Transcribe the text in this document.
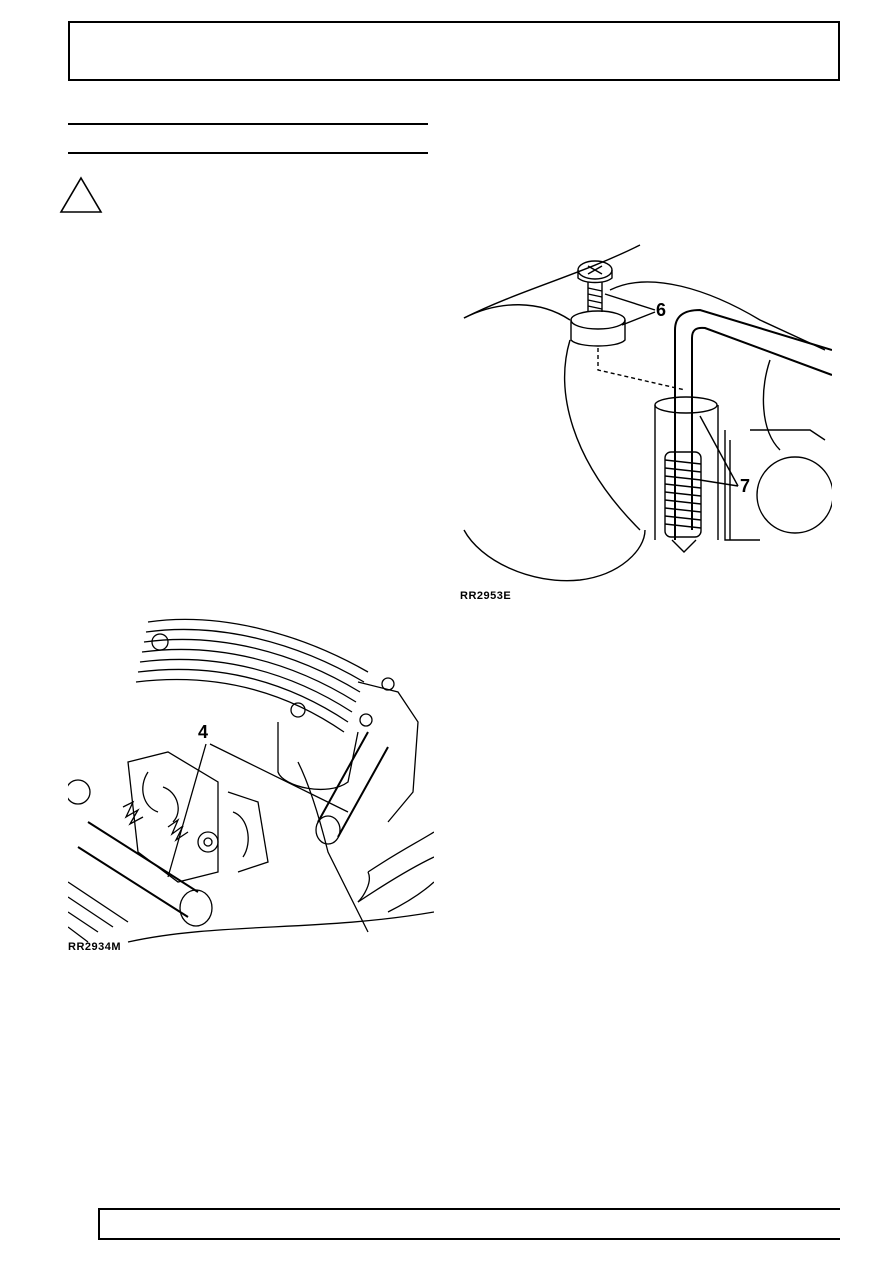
6
7
RR2953E
4
RR2934M
